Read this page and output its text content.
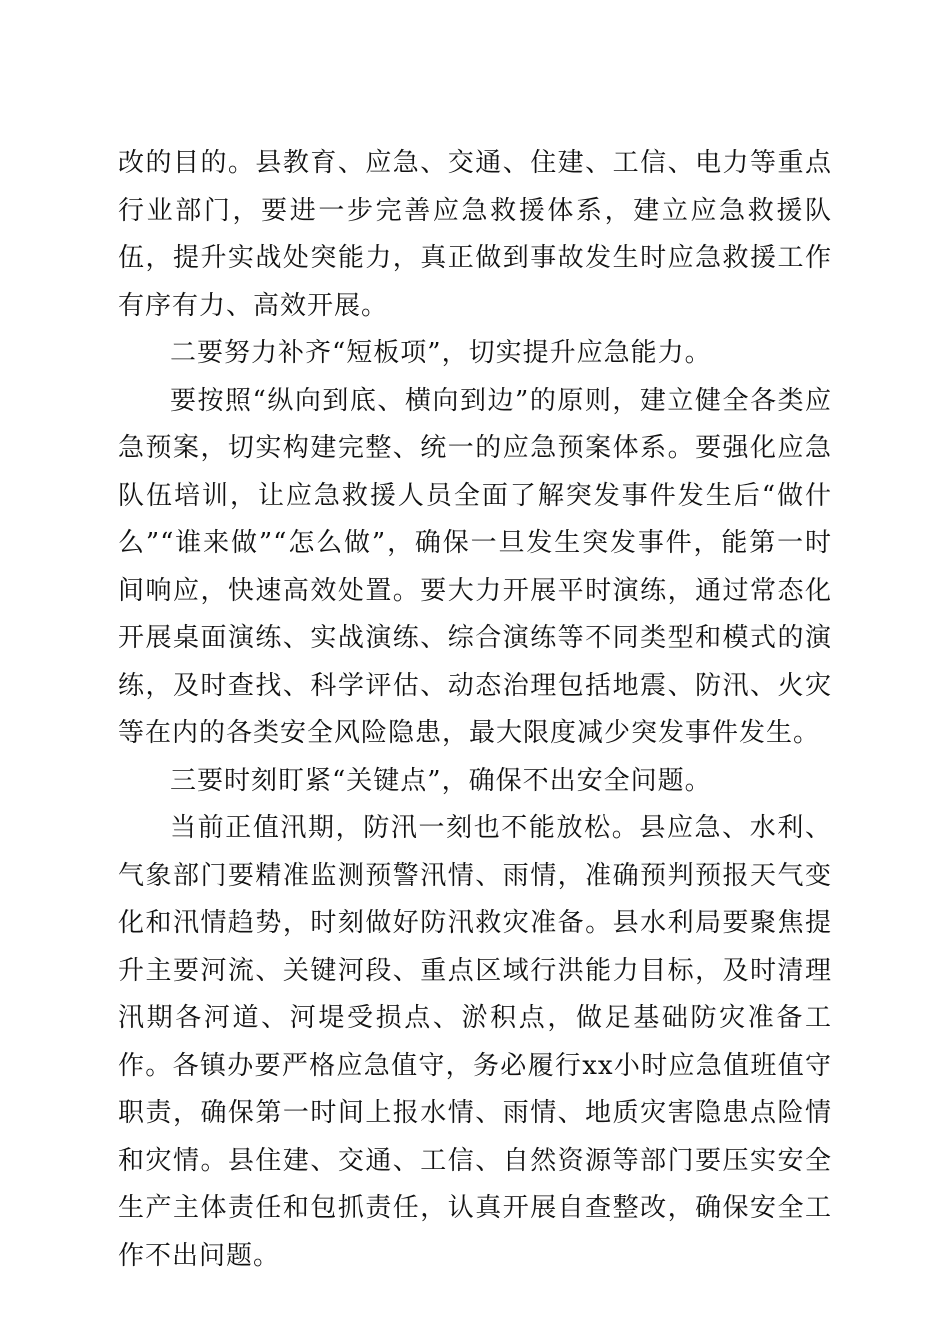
改的目的。县教育、应急、交通、住建、工信、电力等重点行业部门，要进一步完善应急救援体系，建立应急救援队伍，提升实战处突能力，真正做到事故发生时应急救援工作有序有力、高效开展。

二要努力补齐“短板项”，切实提升应急能力。

要按照“纵向到底、横向到边”的原则，建立健全各类应急预案，切实构建完整、统一的应急预案体系。要强化应急队伍培训，让应急救援人员全面了解突发事件发生后“做什么”“谁来做”“怎么做”，确保一旦发生突发事件，能第一时间响应，快速高效处置。要大力开展平时演练，通过常态化开展桌面演练、实战演练、综合演练等不同类型和模式的演练，及时查找、科学评估、动态治理包括地震、防汛、火灾等在内的各类安全风险隐患，最大限度减少突发事件发生。

三要时刻盯紧“关键点”，确保不出安全问题。

当前正值汛期，防汛一刻也不能放松。县应急、水利、气象部门要精准监测预警汛情、雨情，准确预判预报天气变化和汛情趋势，时刻做好防汛救灾准备。县水利局要聚焦提升主要河流、关键河段、重点区域行洪能力目标，及时清理汛期各河道、河堤受损点、淤积点，做足基础防灾准备工作。各镇办要严格应急值守，务必履行xx小时应急值班值守职责，确保第一时间上报水情、雨情、地质灾害隐患点险情和灾情。县住建、交通、工信、自然资源等部门要压实安全生产主体责任和包抓责任，认真开展自查整改，确保安全工作不出问题。
